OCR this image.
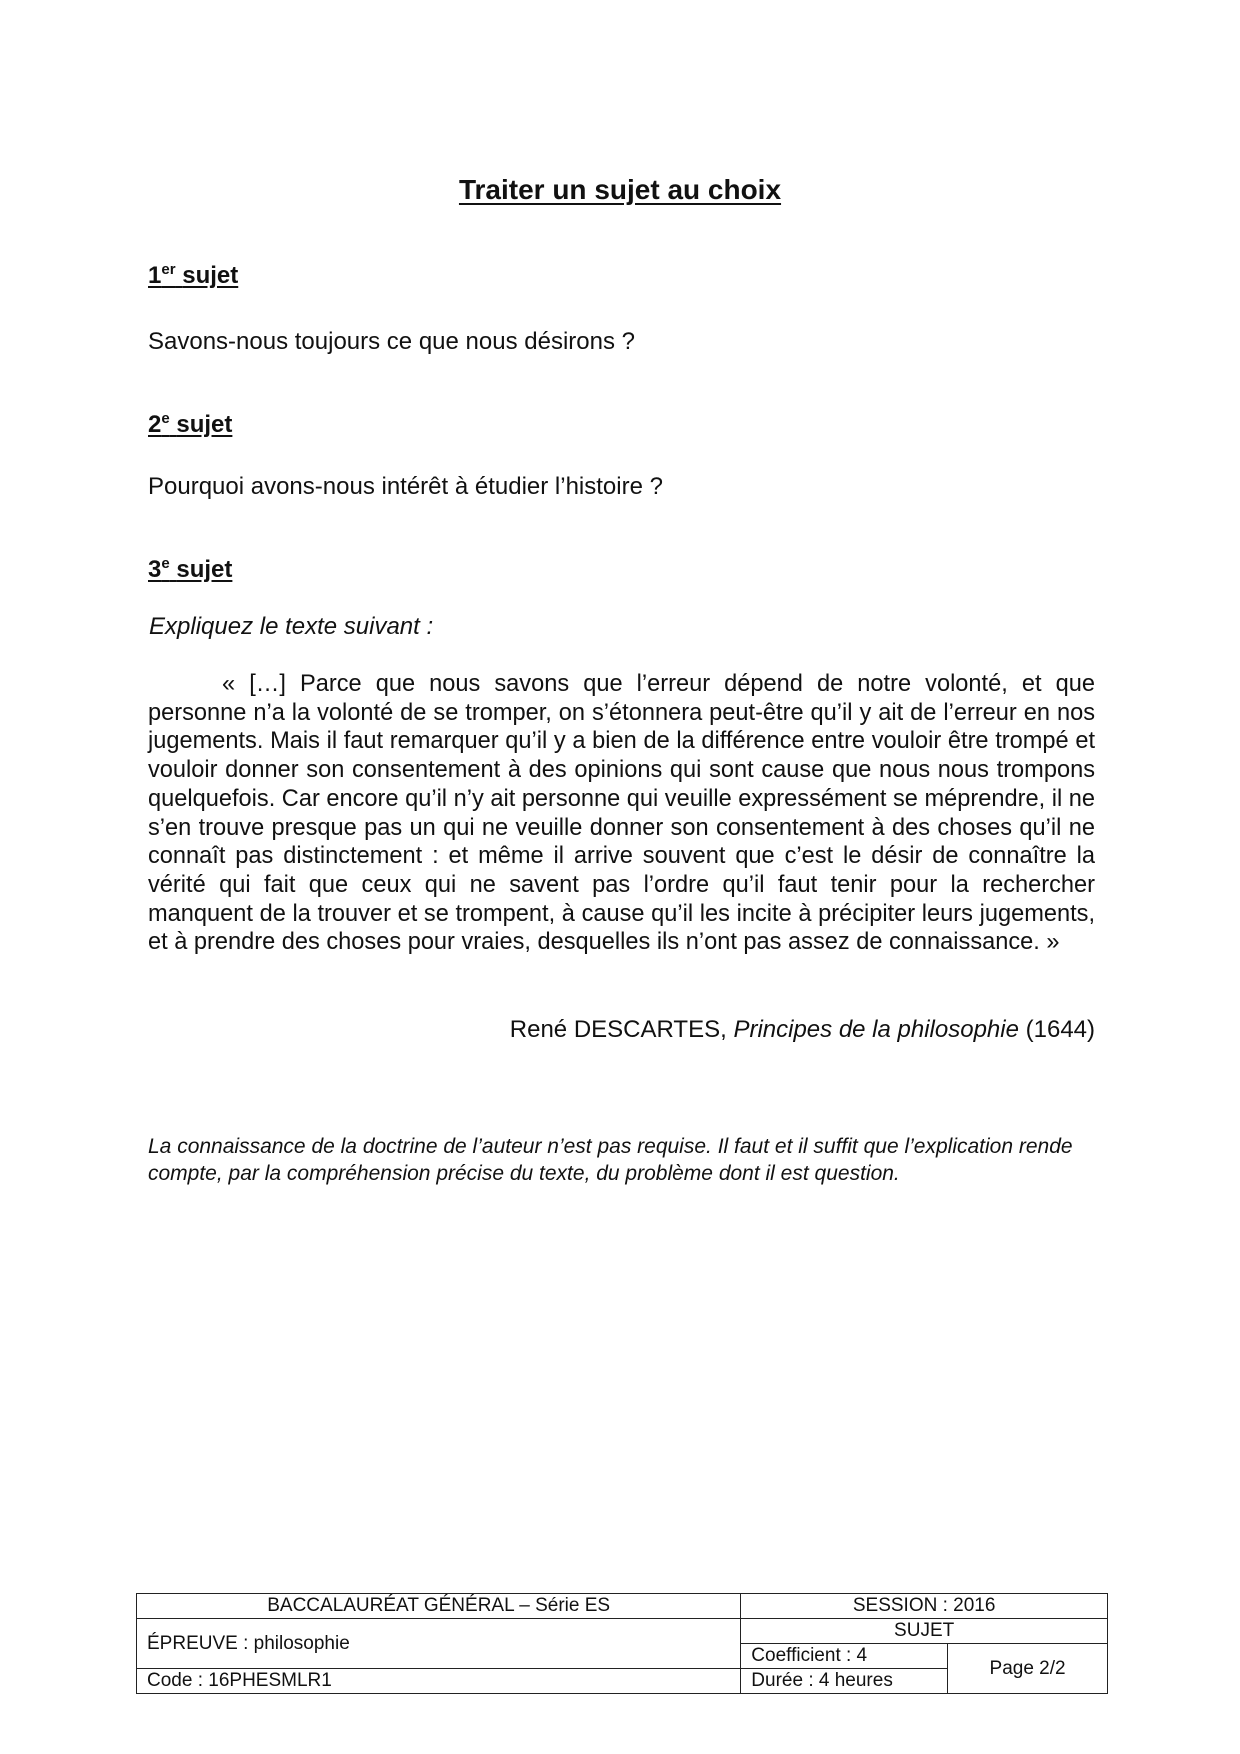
Traiter un sujet au choix
1er sujet
Savons-nous toujours ce que nous désirons ?
2e sujet
Pourquoi avons-nous intérêt à étudier l’histoire ?
3e sujet
Expliquez le texte suivant :

« […] Parce que nous savons que l’erreur dépend de notre volonté, et que personne n’a la volonté de se tromper, on s’étonnera peut-être qu’il y ait de l’erreur en nos jugements. Mais il faut remarquer qu’il y a bien de la différence entre vouloir être trompé et vouloir donner son consentement à des opinions qui sont cause que nous nous trompons quelquefois. Car encore qu’il n’y ait personne qui veuille expressément se méprendre, il ne s’en trouve presque pas un qui ne veuille donner son consentement à des choses qu’il ne connaît pas distinctement : et même il arrive souvent que c’est le désir de connaître la vérité qui fait que ceux qui ne savent pas l’ordre qu’il faut tenir pour la rechercher manquent de la trouver et se trompent, à cause qu’il les incite à précipiter leurs jugements, et à prendre des choses pour vraies, desquelles ils n’ont pas assez de connaissance. »

René DESCARTES, Principes de la philosophie (1644)

La connaissance de la doctrine de l’auteur n’est pas requise. Il faut et il suffit que l’explication rende compte, par la compréhension précise du texte, du problème dont il est question.

BACCALAURÉAT GÉNÉRAL – Série ES	SESSION : 2016	
ÉPREUVE : philosophie	SUJET	
	Coefficient : 4	Page 2/2
Code : 16PHESMLR1	Durée : 4 heures	
